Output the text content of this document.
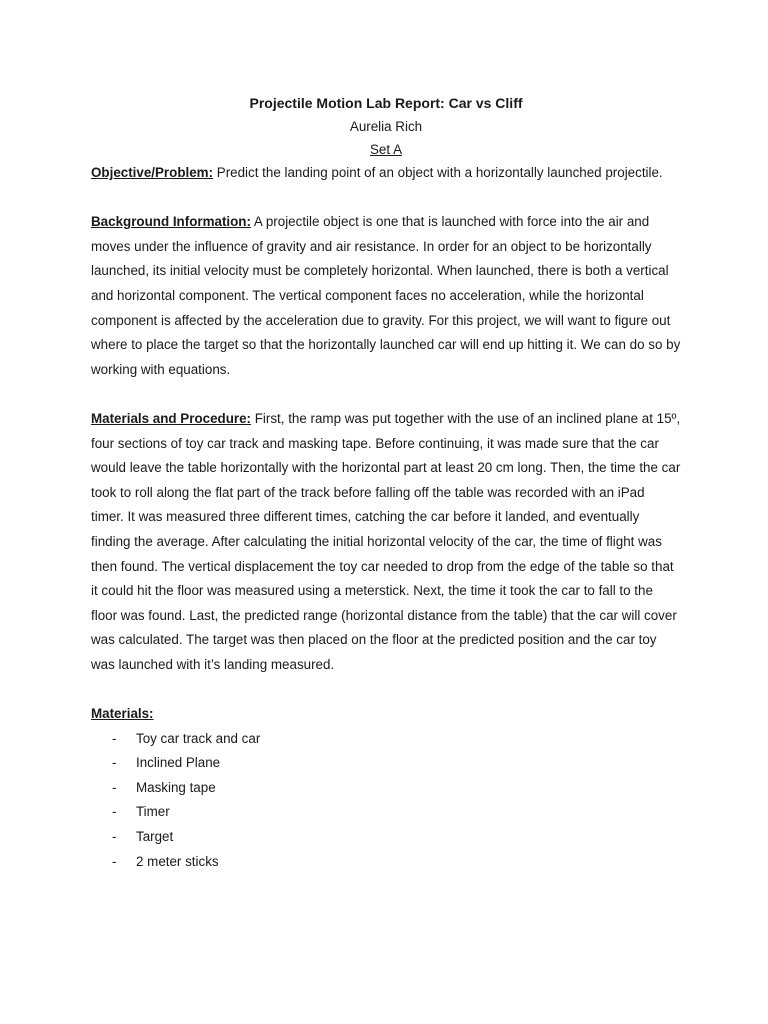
Projectile Motion Lab Report: Car vs Cliff

Aurelia Rich

Set A

Objective/Problem: Predict the landing point of an object with a horizontally launched projectile.

Background Information: A projectile object is one that is launched with force into the air and moves under the influence of gravity and air resistance. In order for an object to be horizontally launched, its initial velocity must be completely horizontal. When launched, there is both a vertical and horizontal component. The vertical component faces no acceleration, while the horizontal component is affected by the acceleration due to gravity. For this project, we will want to figure out where to place the target so that the horizontally launched car will end up hitting it. We can do so by working with equations.

Materials and Procedure: First, the ramp was put together with the use of an inclined plane at 15º, four sections of toy car track and masking tape. Before continuing, it was made sure that the car would leave the table horizontally with the horizontal part at least 20 cm long. Then, the time the car took to roll along the flat part of the track before falling off the table was recorded with an iPad timer. It was measured three different times, catching the car before it landed, and eventually finding the average. After calculating the initial horizontal velocity of the car, the time of flight was then found. The vertical displacement the toy car needed to drop from the edge of the table so that it could hit the floor was measured using a meterstick. Next, the time it took the car to fall to the floor was found. Last, the predicted range (horizontal distance from the table) that the car will cover was calculated. The target was then placed on the floor at the predicted position and the car toy was launched with it’s landing measured.

Materials:

- Toy car track and car
- Inclined Plane
- Masking tape
- Timer
- Target
- 2 meter sticks
